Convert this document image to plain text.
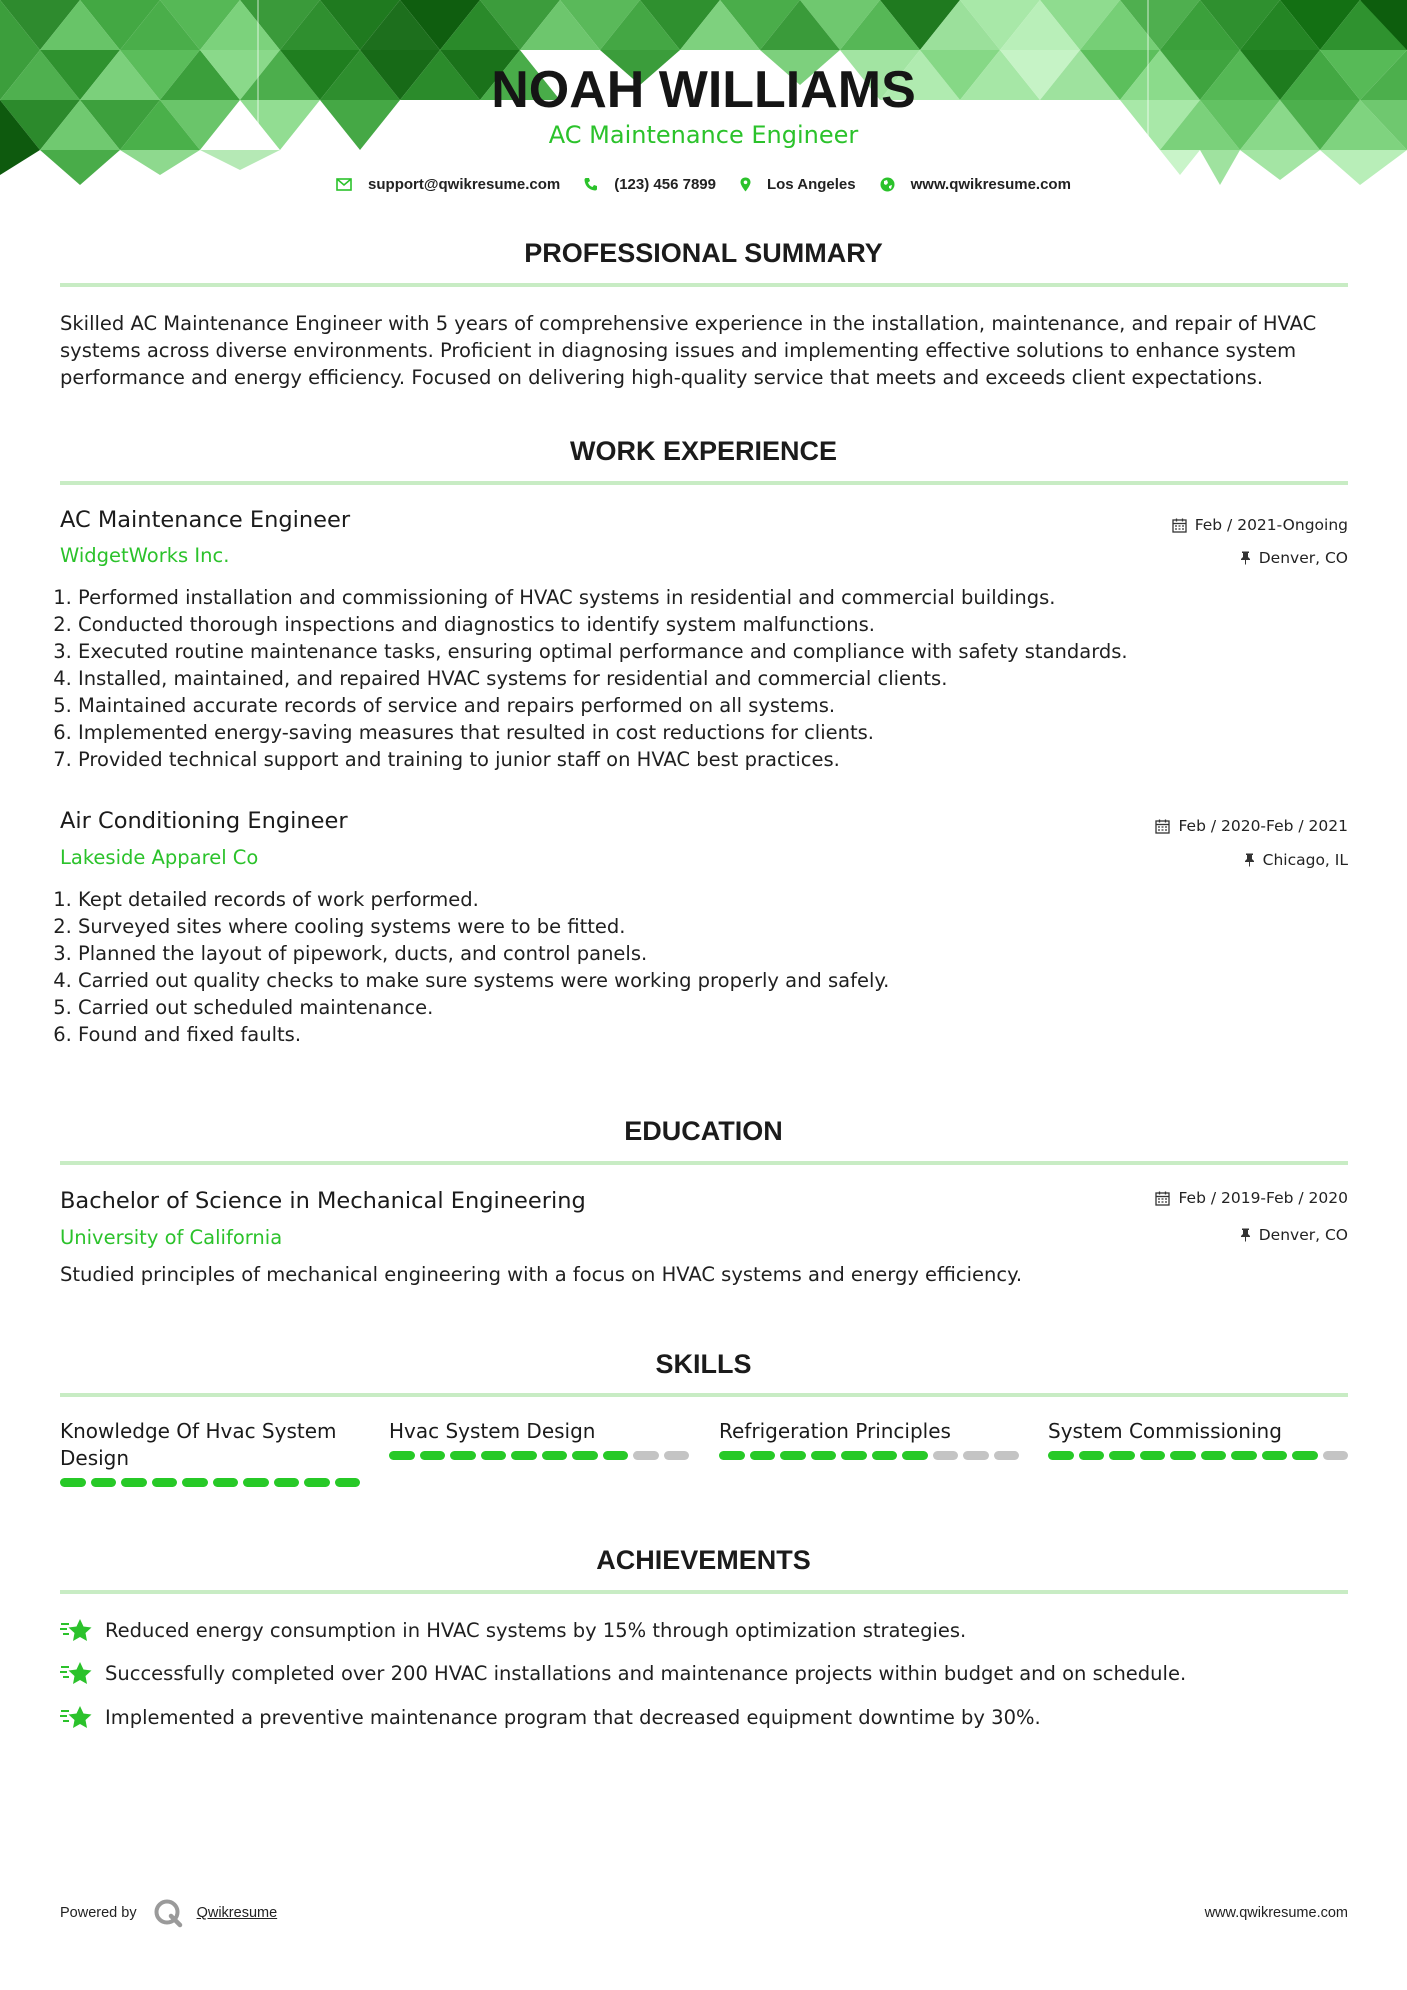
NOAH WILLIAMS
AC Maintenance Engineer
support@qwikresume.com	(123) 456 7899	Los Angeles	www.qwikresume.com
PROFESSIONAL SUMMARY
Skilled AC Maintenance Engineer with 5 years of comprehensive experience in the installation, maintenance, and repair of HVAC systems across diverse environments. Proficient in diagnosing issues and implementing effective solutions to enhance system performance and energy efficiency. Focused on delivering high-quality service that meets and exceeds client expectations.
WORK EXPERIENCE
AC Maintenance Engineer	Feb / 2021-Ongoing
WidgetWorks Inc.	Denver, CO
1. Performed installation and commissioning of HVAC systems in residential and commercial buildings.
2. Conducted thorough inspections and diagnostics to identify system malfunctions.
3. Executed routine maintenance tasks, ensuring optimal performance and compliance with safety standards.
4. Installed, maintained, and repaired HVAC systems for residential and commercial clients.
5. Maintained accurate records of service and repairs performed on all systems.
6. Implemented energy-saving measures that resulted in cost reductions for clients.
7. Provided technical support and training to junior staff on HVAC best practices.
Air Conditioning Engineer	Feb / 2020-Feb / 2021
Lakeside Apparel Co	Chicago, IL
1. Kept detailed records of work performed.
2. Surveyed sites where cooling systems were to be fitted.
3. Planned the layout of pipework, ducts, and control panels.
4. Carried out quality checks to make sure systems were working properly and safely.
5. Carried out scheduled maintenance.
6. Found and fixed faults.
EDUCATION
Bachelor of Science in Mechanical Engineering	Feb / 2019-Feb / 2020
University of California	Denver, CO
Studied principles of mechanical engineering with a focus on HVAC systems and energy efficiency.
SKILLS
Knowledge Of Hvac System Design
Hvac System Design	Refrigeration Principles	System Commissioning
ACHIEVEMENTS
Reduced energy consumption in HVAC systems by 15% through optimization strategies.
Successfully completed over 200 HVAC installations and maintenance projects within budget and on schedule.
Implemented a preventive maintenance program that decreased equipment downtime by 30%.
Powered by	Qwikresume	www.qwikresume.com
